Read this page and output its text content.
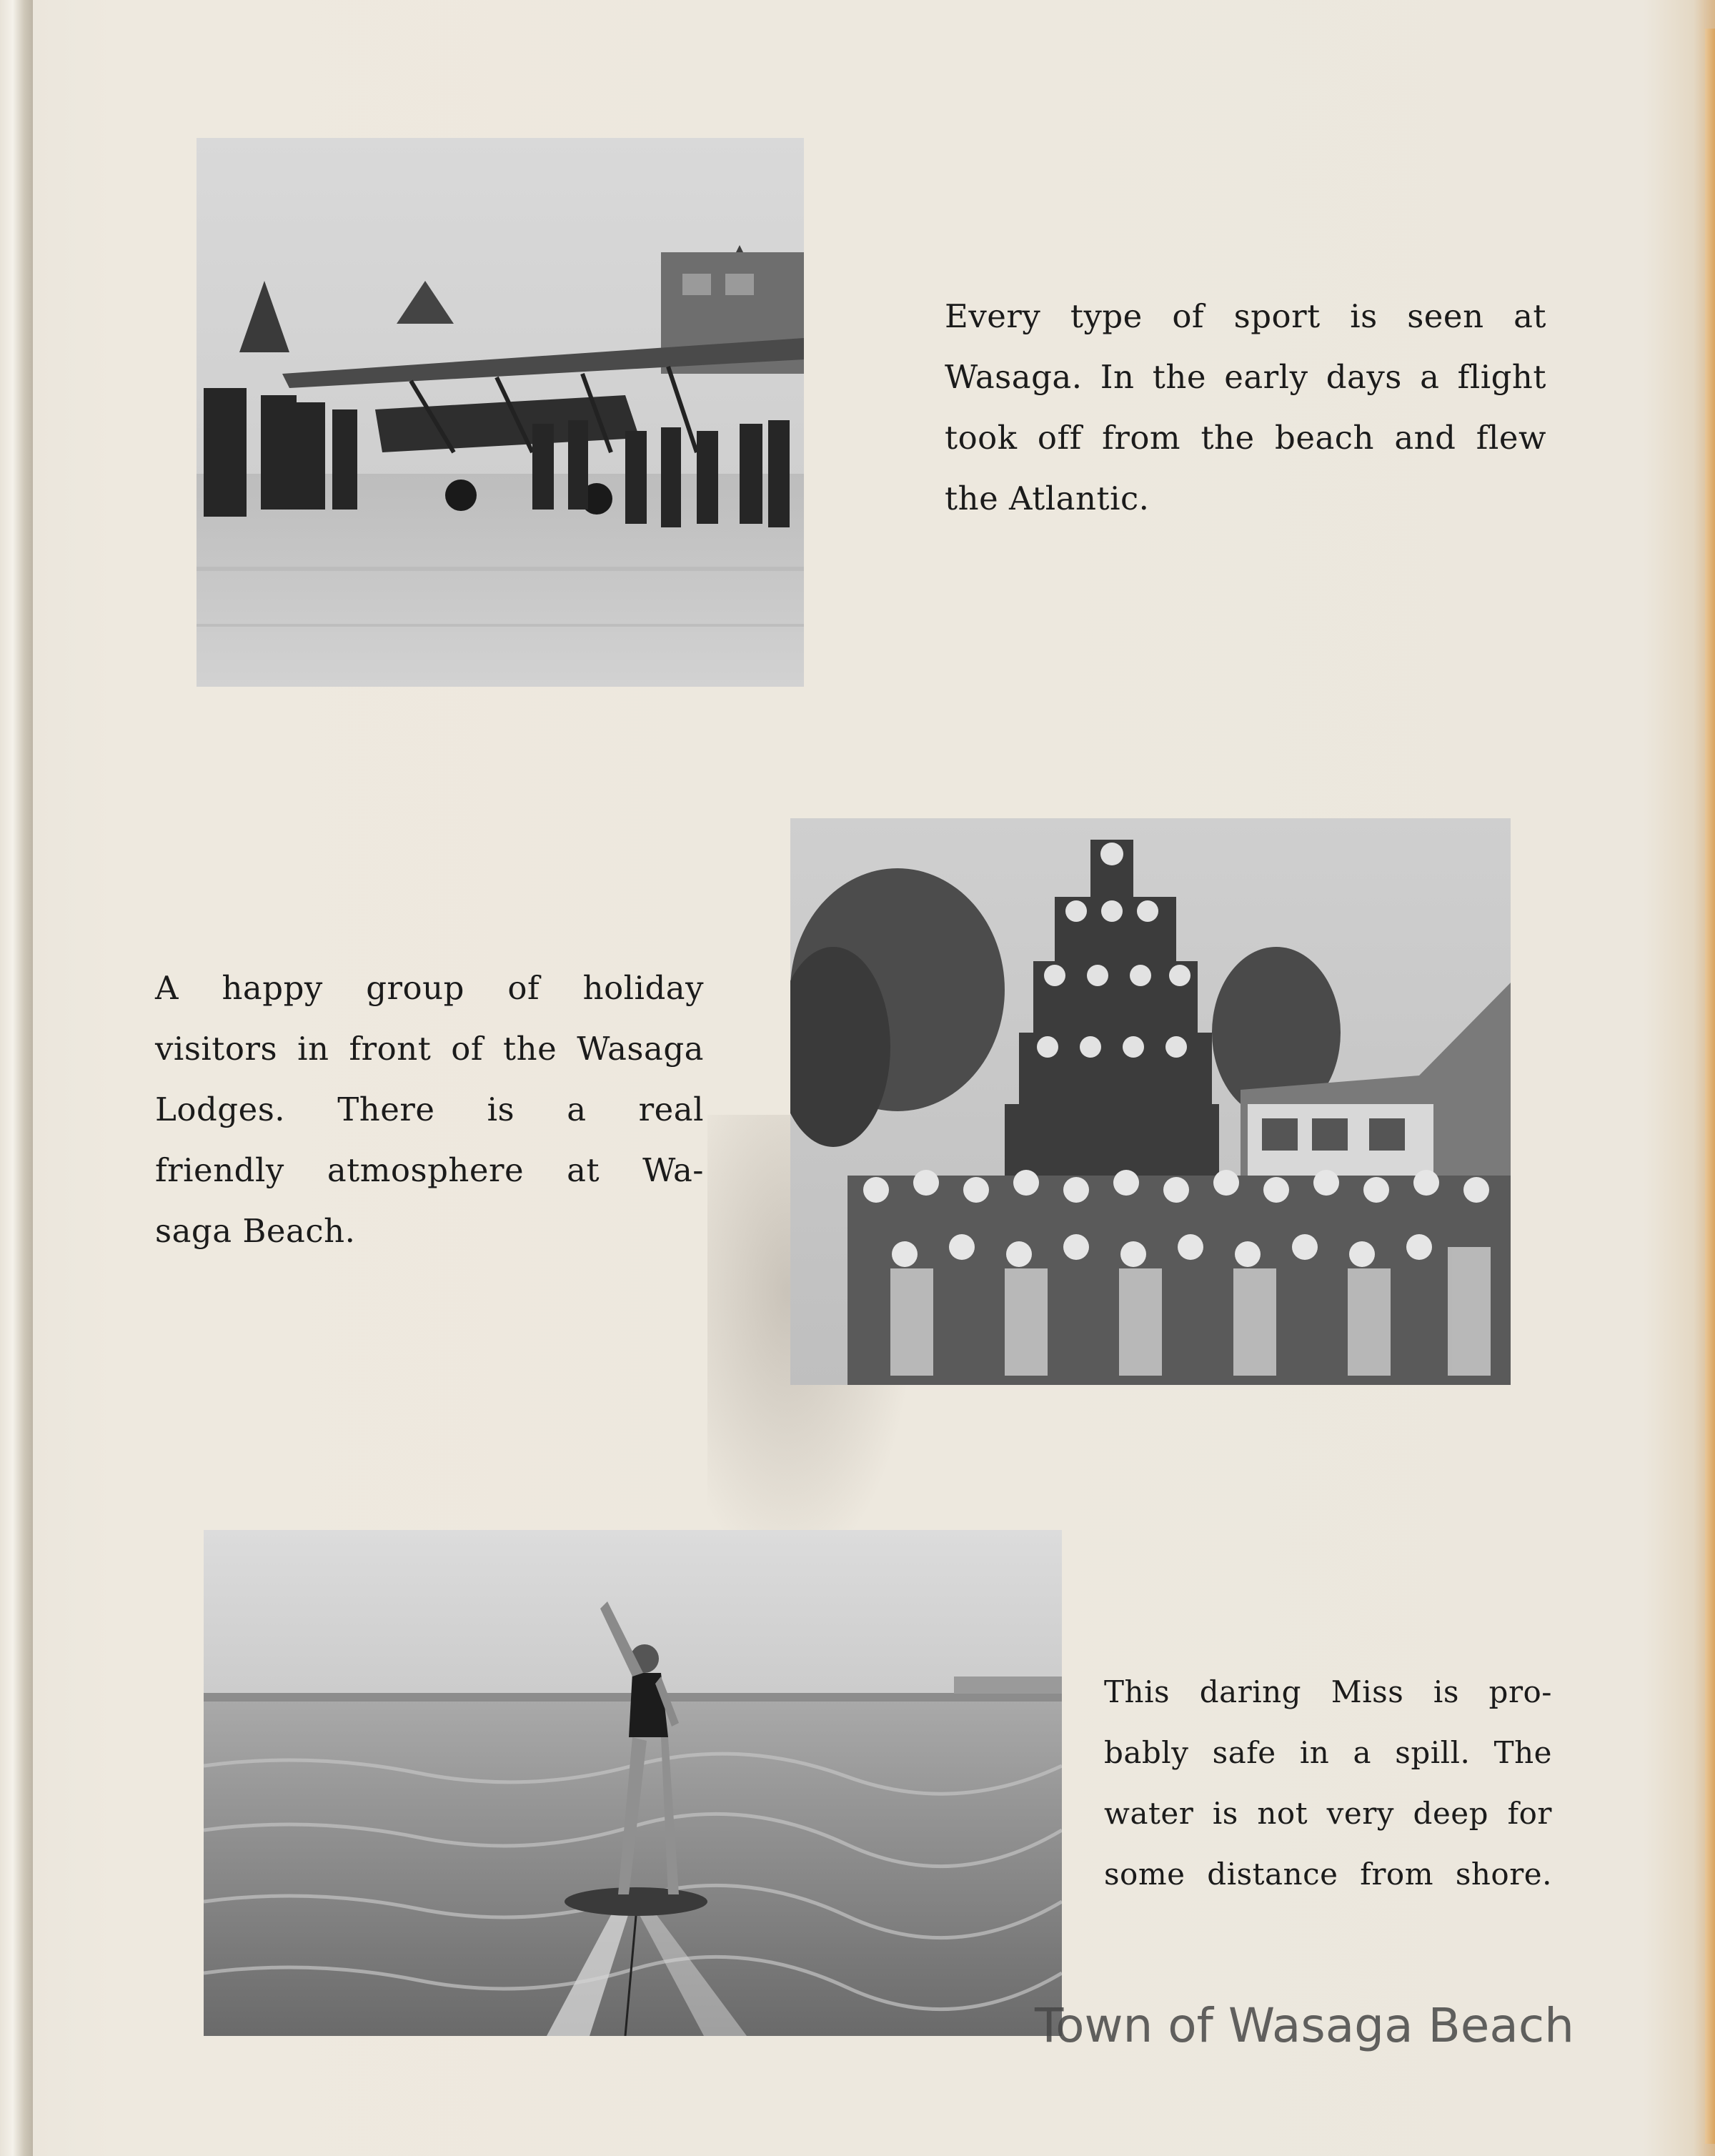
Every type of sport is seen at
Wasaga. In the early days a flight
took off from the beach and flew
the Atlantic.
A happy group of holiday
visitors in front of the Wasaga
Lodges. There is a real
friendly atmosphere at Wa-
saga Beach.
This daring Miss is pro-
bably safe in a spill. The
water is not very deep for
some distance from shore.
Town of Wasaga Beach
